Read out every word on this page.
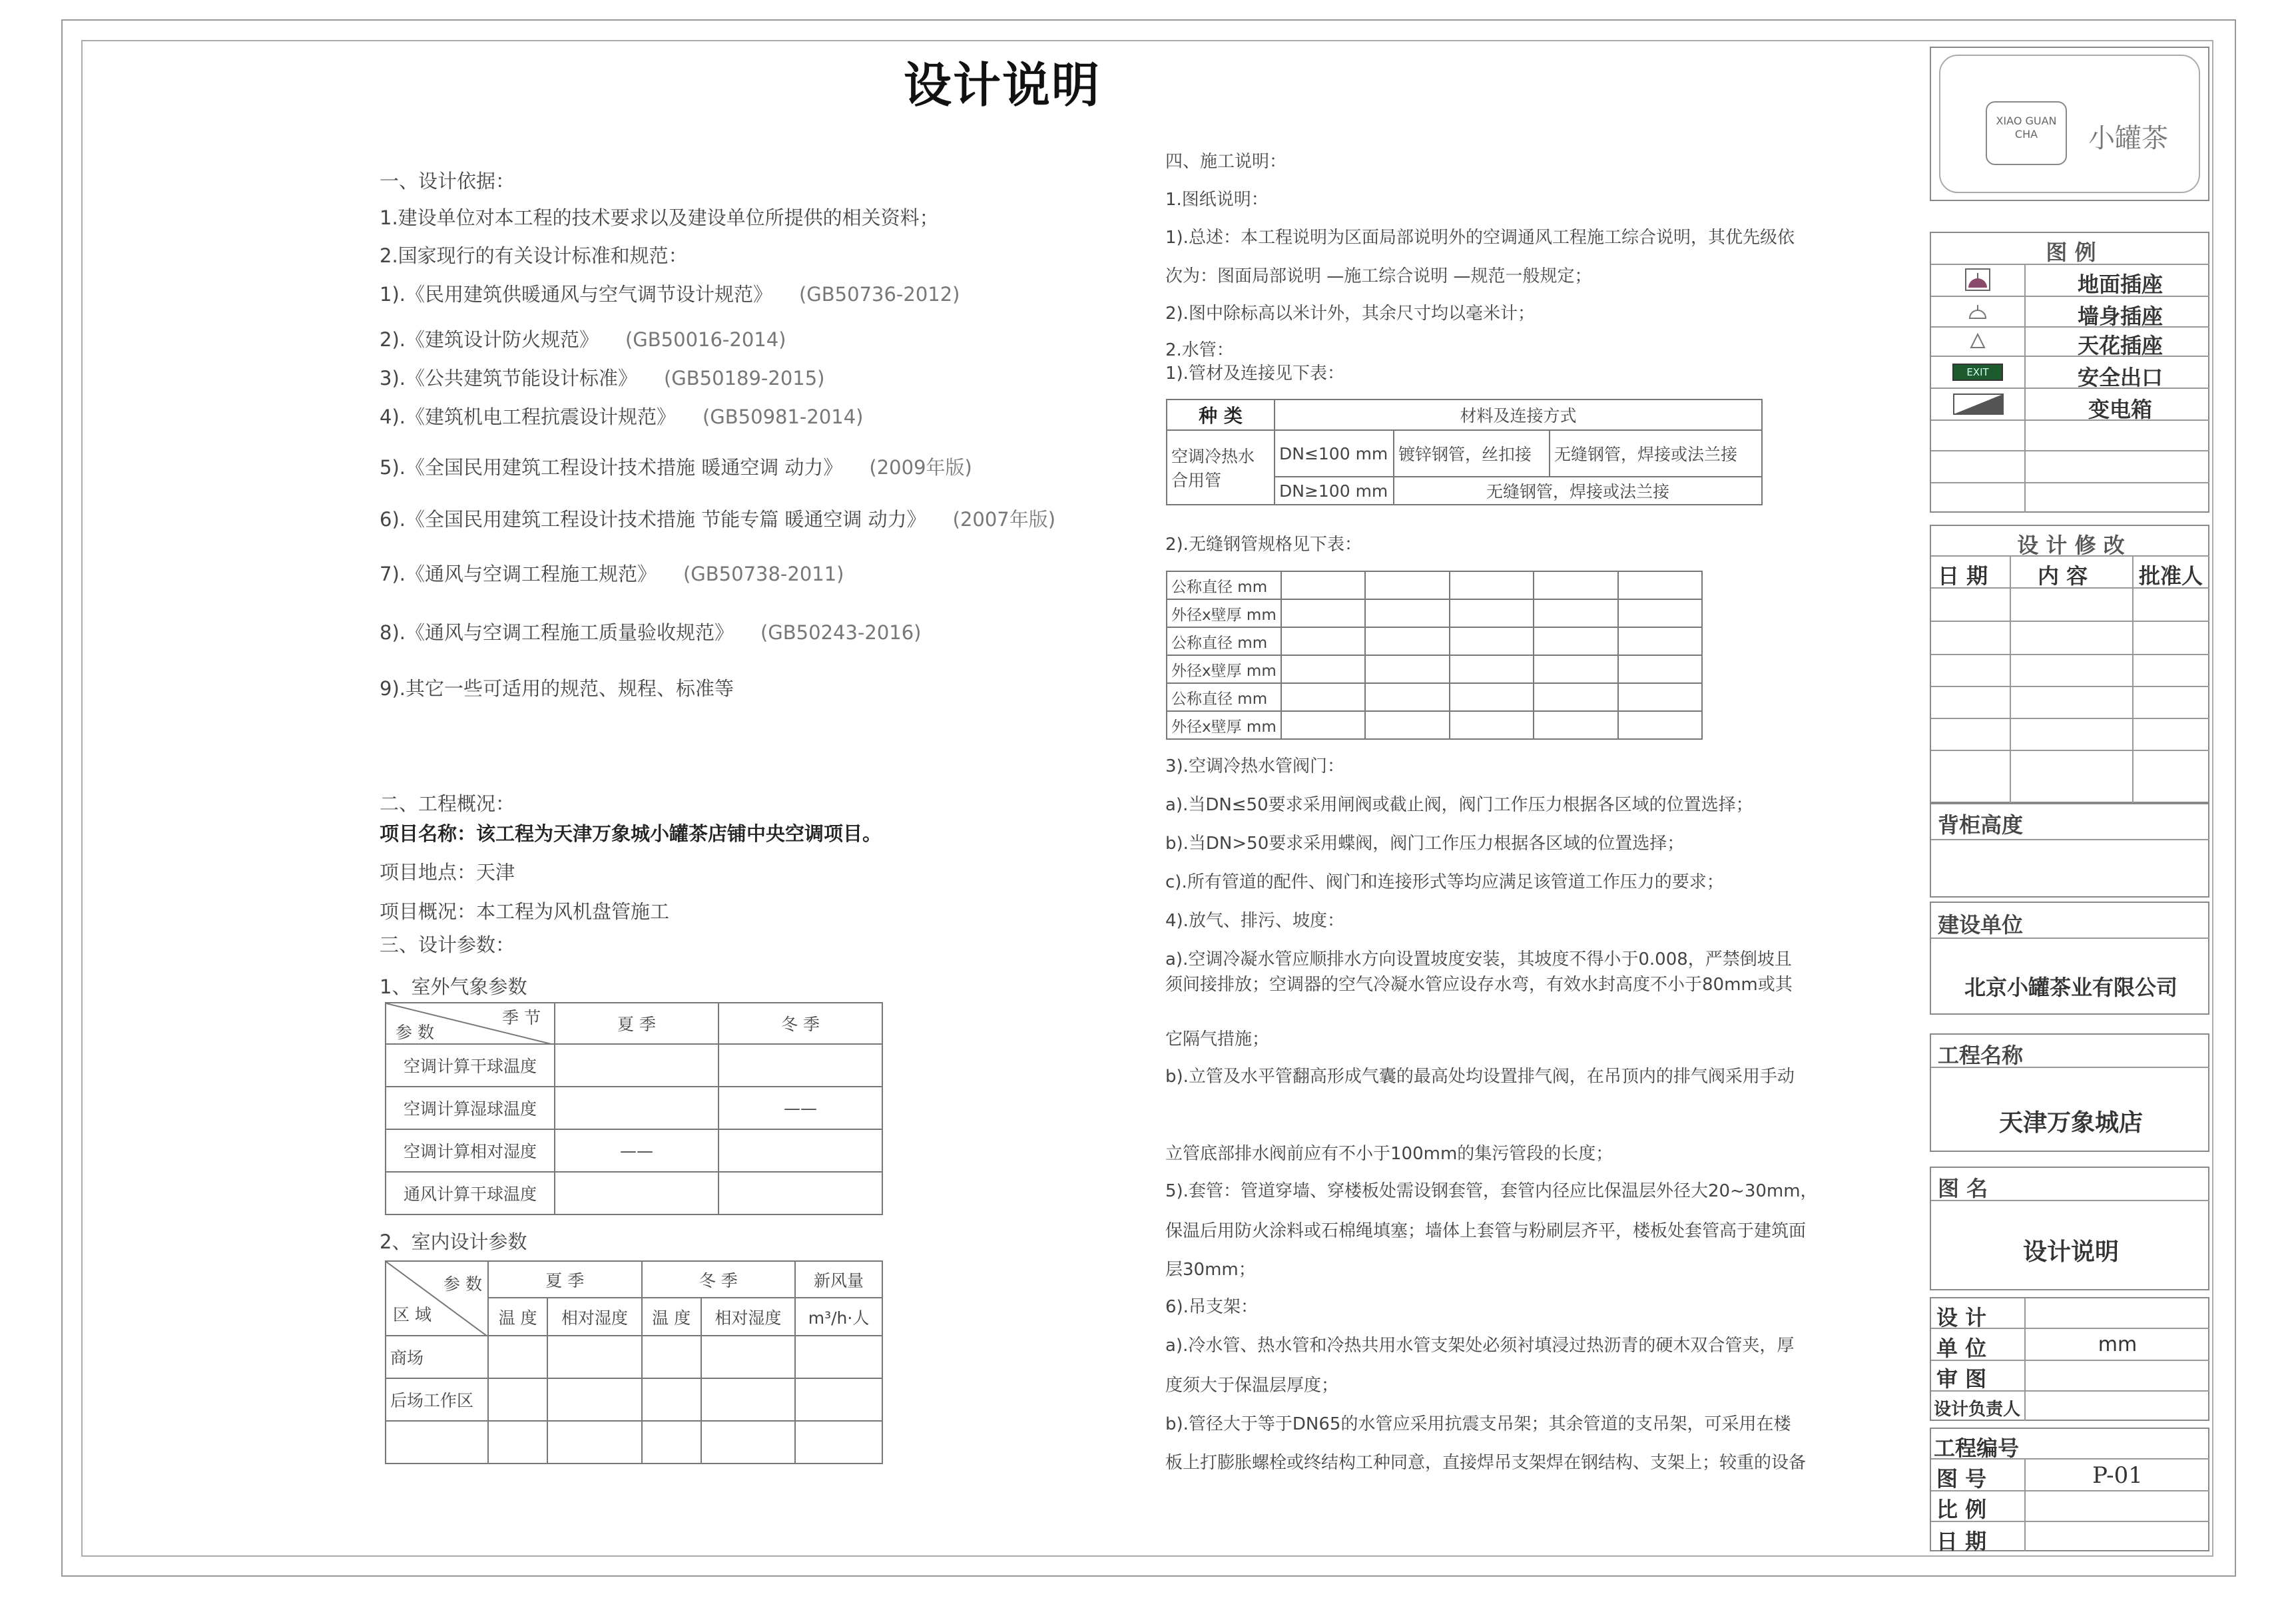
设计说明
一、设计依据：
1.建设单位对本工程的技术要求以及建设单位所提供的相关资料；
2.国家现行的有关设计标准和规范：
1).《民用建筑供暖通风与空气调节设计规范》 (GB50736-2012)
2).《建筑设计防火规范》 (GB50016-2014)
3).《公共建筑节能设计标准》 (GB50189-2015)
4).《建筑机电工程抗震设计规范》 (GB50981-2014)
5).《全国民用建筑工程设计技术措施 暖通空调 动力》 (2009年版)
6).《全国民用建筑工程设计技术措施 节能专篇 暖通空调 动力》 (2007年版)
7).《通风与空调工程施工规范》 (GB50738-2011)
8).《通风与空调工程施工质量验收规范》 (GB50243-2016)
9).其它一些可适用的规范、规程、标准等
二、工程概况：
项目名称：该工程为天津万象城小罐茶店铺中央空调项目。
项目地点：天津
项目概况：本工程为风机盘管施工
三、设计参数：
1、室外气象参数
季 节
参 数	夏 季	冬 季
空调计算干球温度		
空调计算湿球温度		——
空调计算相对湿度	——	
通风计算干球温度		
2、室内设计参数
参 数
区 域	夏 季		冬 季		新风量
	温 度	相对湿度	温 度	相对湿度	m³/h·人
商场					
后场工作区					

四、施工说明：
1.图纸说明：
1).总述：本工程说明为区面局部说明外的空调通风工程施工综合说明，其优先级依
次为：图面局部说明 —施工综合说明 —规范一般规定；
2).图中除标高以米计外，其余尺寸均以毫米计；
2.水管：
1).管材及连接见下表：
种 类	材料及连接方式		
空调冷热水合用管	DN≤100 mm	镀锌钢管，丝扣接	无缝钢管，焊接或法兰接
	DN≥100 mm	无缝钢管，焊接或法兰接	
2).无缝钢管规格见下表：
公称直径 mm					
外径x壁厚 mm					
公称直径 mm					
外径x壁厚 mm					
公称直径 mm					
外径x壁厚 mm					
3).空调冷热水管阀门：
a).当DN≤50要求采用闸阀或截止阀，阀门工作压力根据各区域的位置选择；
b).当DN>50要求采用蝶阀，阀门工作压力根据各区域的位置选择；
c).所有管道的配件、阀门和连接形式等均应满足该管道工作压力的要求；
4).放气、排污、坡度：
a).空调冷凝水管应顺排水方向设置坡度安装，其坡度不得小于0.008，严禁倒坡且
须间接排放；空调器的空气冷凝水管应设存水弯，有效水封高度不小于80mm或其
它隔气措施；
b).立管及水平管翻高形成气囊的最高处均设置排气阀，在吊顶内的排气阀采用手动
立管底部排水阀前应有不小于100mm的集污管段的长度；
5).套管：管道穿墙、穿楼板处需设钢套管，套管内径应比保温层外径大20~30mm，
保温后用防火涂料或石棉绳填塞；墙体上套管与粉刷层齐平，楼板处套管高于建筑面
层30mm；
6).吊支架：
a).冷水管、热水管和冷热共用水管支架处必须衬填浸过热沥青的硬木双合管夹，厚
度须大于保温层厚度；
b).管径大于等于DN65的水管应采用抗震支吊架；其余管道的支吊架，可采用在楼
板上打膨胀螺栓或终结构工种同意，直接焊吊支架焊在钢结构、支架上；较重的设备
XIAO GUAN CHA	小罐茶
图 例
地面插座
墙身插座
天花插座
EXIT	安全出口
变电箱
设 计 修 改
日 期 内 容 批准人
背柜高度
建设单位
北京小罐茶业有限公司
工程名称
天津万象城店
图 名
设计说明
设 计
单 位	mm
审 图
设计负责人
工程编号
图 号	P-01
比 例
日 期
